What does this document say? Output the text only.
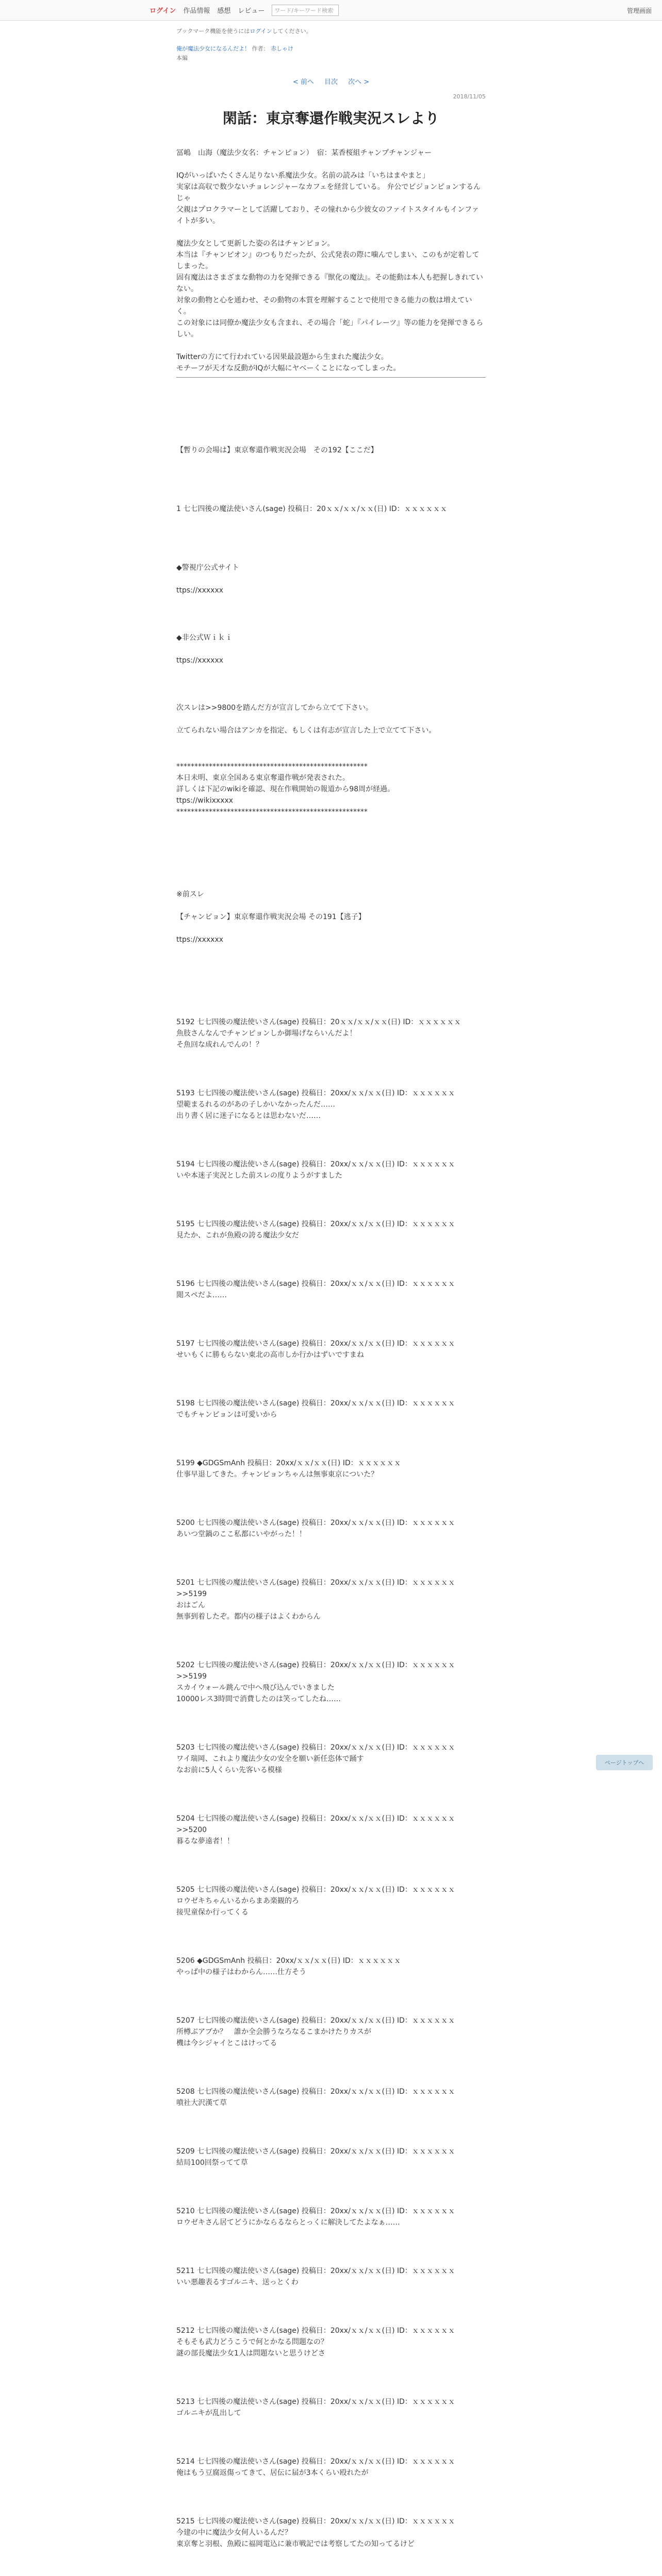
ログイン 作品情報 感想 レビュー	ワード/キーワード検索	管理画面
ブックマーク機能を使うにはログインしてください。
俺が魔法少女になるんだよ！ 作者： 赤しゃけ
本編
< 前へ 目次 次へ >
2018/11/05
閑話：東京奪還作戦実況スレより

冨嶋　山海（魔法少女名：チャンピョン）　宿：某香桜組チャンプチャンジャー

IQがいっぱいたくさん足りない系魔法少女。名前の読みは「いちはまやまと」
実家は高収で数少ないチョレンジャーなカフェを経営している。 弁公でビジョンピョンするんじゃ
父親はプロクラマーとして活躍しており、その憧れから少彼女のファイトスタイルもインファイトが多い。

魔法少女として更新した姿の名はチャンピョン。
本当は『チャンピオン』のつもりだったが、公式発表の際に噛んでしまい、このもが定着してしまった。
固有魔法はさまざまな動物の力を発揮できる『獣化の魔法』。その能動は本人も把握しきれていない。
対象の動物と心を通わせ、その動物の本質を理解することで使用できる能力の数は増えていく。
この対象には同僚か魔法少女も含まれ、その場合「蛇」『パイレーツ』等の能力を発揮できるらしい。

Twitterの方にて行われている因果最設題から生まれた魔法少女。
モチーフが天才な反動がIQが大幅にヤベーくことになってしまった。

【暫りの会場は】東京奪還作戦実況会場　その192【ここだ】

1 七七四後の魔法使いさん(sage) 投稿日：20ｘｘ/ｘｘ/ｘｘ(日) ID：ｘｘｘｘｘｘ

◆警視庁公式サイト

ttps://xxxxxx

◆非公式Ｗｉｋｉ

ttps://xxxxxx

次スレは>>9800を踏んだ方が宣言してから立てて下さい。

立てられない場合はアンカを指定、もしくは有志が宣言した上で立てて下さい。

*****************************************************
本日未明、東京全国ある東京奪還作戦が発表された。
詳しくは下記のwikiを確認、現在作戦開始の報道から98周が経過。
ttps://wikixxxxx
*****************************************************

※前スレ

【チャンピョン】東京奪還作戦実況会場 その191【逃子】

ttps://xxxxxx

5192 七七四後の魔法使いさん(sage) 投稿日：20ｘｘ/ｘｘ/ｘｘ(日) ID：ｘｘｘｘｘｘ
魚肢さんなんでチャンピョンしか御場げならいんだよ！
そ魚回な成れんでんの！？
5193 七七四後の魔法使いさん(sage) 投稿日：20xx/ｘｘ/ｘｘ(日) ID：ｘｘｘｘｘｘ
望範まるれるのがあの子しかいなかったんだ……
出り書く居に迷子になるとは思わないだ……
5194 七七四後の魔法使いさん(sage) 投稿日：20xx/ｘｘ/ｘｘ(日) ID：ｘｘｘｘｘｘ
いや本迷子実況とした前スレの度りようがすました
5195 七七四後の魔法使いさん(sage) 投稿日：20xx/ｘｘ/ｘｘ(日) ID：ｘｘｘｘｘｘ
見たか、これが魚殿の誇る魔法少女だ
5196 七七四後の魔法使いさん(sage) 投稿日：20xx/ｘｘ/ｘｘ(日) ID：ｘｘｘｘｘｘ
閲スペだよ……
5197 七七四後の魔法使いさん(sage) 投稿日：20xx/ｘｘ/ｘｘ(日) ID：ｘｘｘｘｘｘ
せいもくに勝もらない東北の高市しか行かはずいですまね
5198 七七四後の魔法使いさん(sage) 投稿日：20xx/ｘｘ/ｘｘ(日) ID：ｘｘｘｘｘｘ
でもチャンピョンは可愛いから
5199 ◆GDGSmAnh 投稿日：20xx/ｘｘ/ｘｘ(日) ID：ｘｘｘｘｘｘ
仕事早退してきた。チャンピョンちゃんは無事東京についた？
5200 七七四後の魔法使いさん(sage) 投稿日：20xx/ｘｘ/ｘｘ(日) ID：ｘｘｘｘｘｘ
あいつ堂鍋のここ私都にいやがった！！
5201 七七四後の魔法使いさん(sage) 投稿日：20xx/ｘｘ/ｘｘ(日) ID：ｘｘｘｘｘｘ
>>5199
おはごん
無事到着したぞ。都内の様子はよくわからん
5202 七七四後の魔法使いさん(sage) 投稿日：20xx/ｘｘ/ｘｘ(日) ID：ｘｘｘｘｘｘ
>>5199
スカイウォール跳んで中へ飛び込んでいきました
10000レス3時間で消費したのは笑ってしたね……
5203 七七四後の魔法使いさん(sage) 投稿日：20xx/ｘｘ/ｘｘ(日) ID：ｘｘｘｘｘｘ
ワイ瑞岡、これより魔法少女の安全を願い新任恣体で踊す
なお前に5人くらい先客いる模様
5204 七七四後の魔法使いさん(sage) 投稿日：20xx/ｘｘ/ｘｘ(日) ID：ｘｘｘｘｘｘ
>>5200
暮るな夢遠者！！
5205 七七四後の魔法使いさん(sage) 投稿日：20xx/ｘｘ/ｘｘ(日) ID：ｘｘｘｘｘｘ
ロウゼキちゃんいるからまあ楽観的ろ
接児童保か行ってくる
5206 ◆GDGSmAnh 投稿日：20xx/ｘｘ/ｘｘ(日) ID：ｘｘｘｘｘｘ
やっぱ中の様子はわからん……仕方そう
5207 七七四後の魔法使いさん(sage) 投稿日：20xx/ｘｘ/ｘｘ(日) ID：ｘｘｘｘｘｘ
所樽ぶアブか？　誰か全会勝うなろなるこまかけたりカスが
機は今シジャイとこはけってる
5208 七七四後の魔法使いさん(sage) 投稿日：20xx/ｘｘ/ｘｘ(日) ID：ｘｘｘｘｘｘ
噴社大沢漢て草
5209 七七四後の魔法使いさん(sage) 投稿日：20xx/ｘｘ/ｘｘ(日) ID：ｘｘｘｘｘｘ
結局100回祭ってて草
5210 七七四後の魔法使いさん(sage) 投稿日：20xx/ｘｘ/ｘｘ(日) ID：ｘｘｘｘｘｘ
ロウゼキさん居てどうにかならるならとっくに解決してたよなぁ……
5211 七七四後の魔法使いさん(sage) 投稿日：20xx/ｘｘ/ｘｘ(日) ID：ｘｘｘｘｘｘ
いい悪趣表るすゴルニキ、送っとくわ
5212 七七四後の魔法使いさん(sage) 投稿日：20xx/ｘｘ/ｘｘ(日) ID：ｘｘｘｘｘｘ
そもそも武力どうこうで何とかなる問題なの？
謎の部長魔法少女1人は問題ないと思うけどさ
5213 七七四後の魔法使いさん(sage) 投稿日：20xx/ｘｘ/ｘｘ(日) ID：ｘｘｘｘｘｘ
ゴルニキが乱出して
5214 七七四後の魔法使いさん(sage) 投稿日：20xx/ｘｘ/ｘｘ(日) ID：ｘｘｘｘｘｘ
俺はもう豆腐返傷ってきて、居伝に届が3本くらい殴れたが
5215 七七四後の魔法使いさん(sage) 投稿日：20xx/ｘｘ/ｘｘ(日) ID：ｘｘｘｘｘｘ
今建の中に魔法少女何人いるんだ？
東京奪と羽根、魚殿に福岡電込に兼市戦記では考察してたの知ってるけど
ページトップへ
